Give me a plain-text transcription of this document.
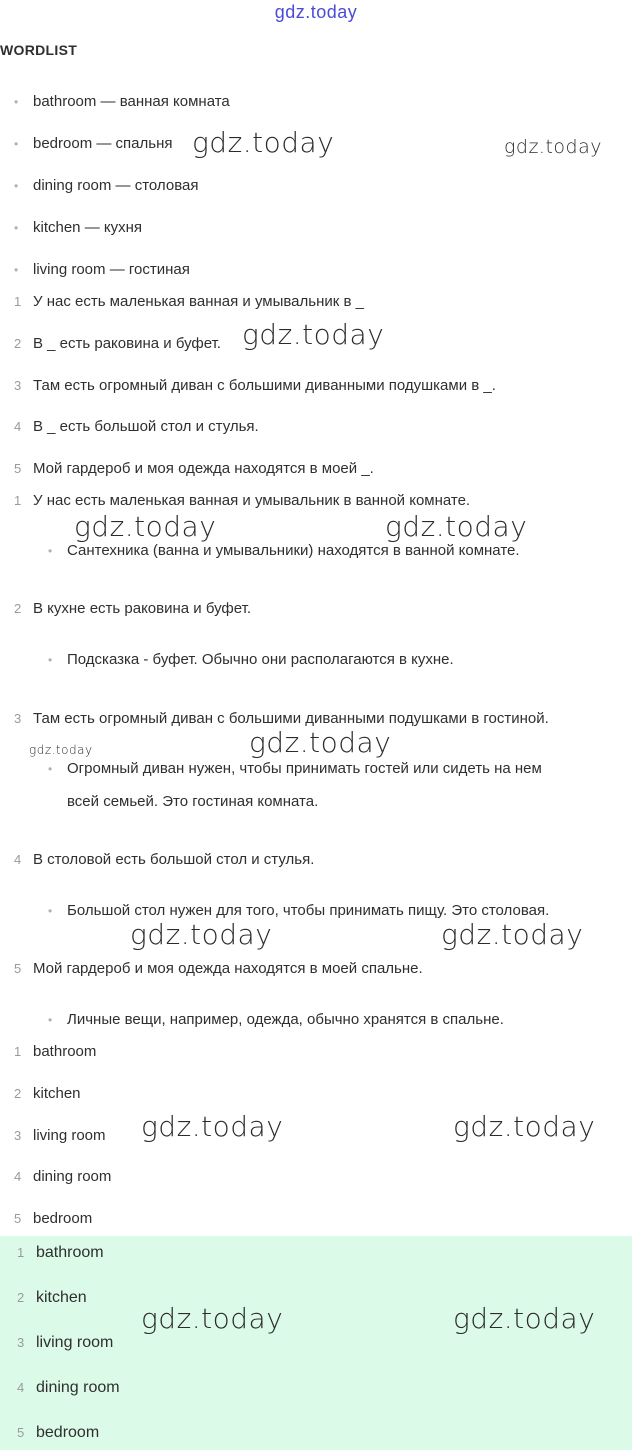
gdz.today
WORDLIST
• bathroom — ванная комната
• bedroom — спальня
• dining room — столовая
• kitchen — кухня
• living room — гостиная
1 У нас есть маленькая ванная и умывальник в _
2 В _ есть раковина и буфет.
3 Там есть огромный диван с большими диванными подушками в _.
4 В _ есть большой стол и стулья.
5 Мой гардероб и моя одежда находятся в моей _.
1 У нас есть маленькая ванная и умывальник в ванной комнате.
• Сантехника (ванна и умывальники) находятся в ванной комнате.
2 В кухне есть раковина и буфет.
• Подсказка - буфет. Обычно они располагаются в кухне.
3 Там есть огромный диван с большими диванными подушками в гостиной.
• Огромный диван нужен, чтобы принимать гостей или сидеть на нем
всей семьей. Это гостиная комната.
4 В столовой есть большой стол и стулья.
• Большой стол нужен для того, чтобы принимать пищу. Это столовая.
5 Мой гардероб и моя одежда находятся в моей спальне.
• Личные вещи, например, одежда, обычно хранятся в спальне.
1 bathroom
2 kitchen
3 living room
4 dining room
5 bedroom
1 bathroom
2 kitchen
3 living room
4 dining room
5 bedroom
gdz.today	gdz.today
gdz.today
gdz.today	gdz.today
gdz.today	gdz.today
gdz.today	gdz.today
gdz.today	gdz.today
gdz.today	gdz.today
